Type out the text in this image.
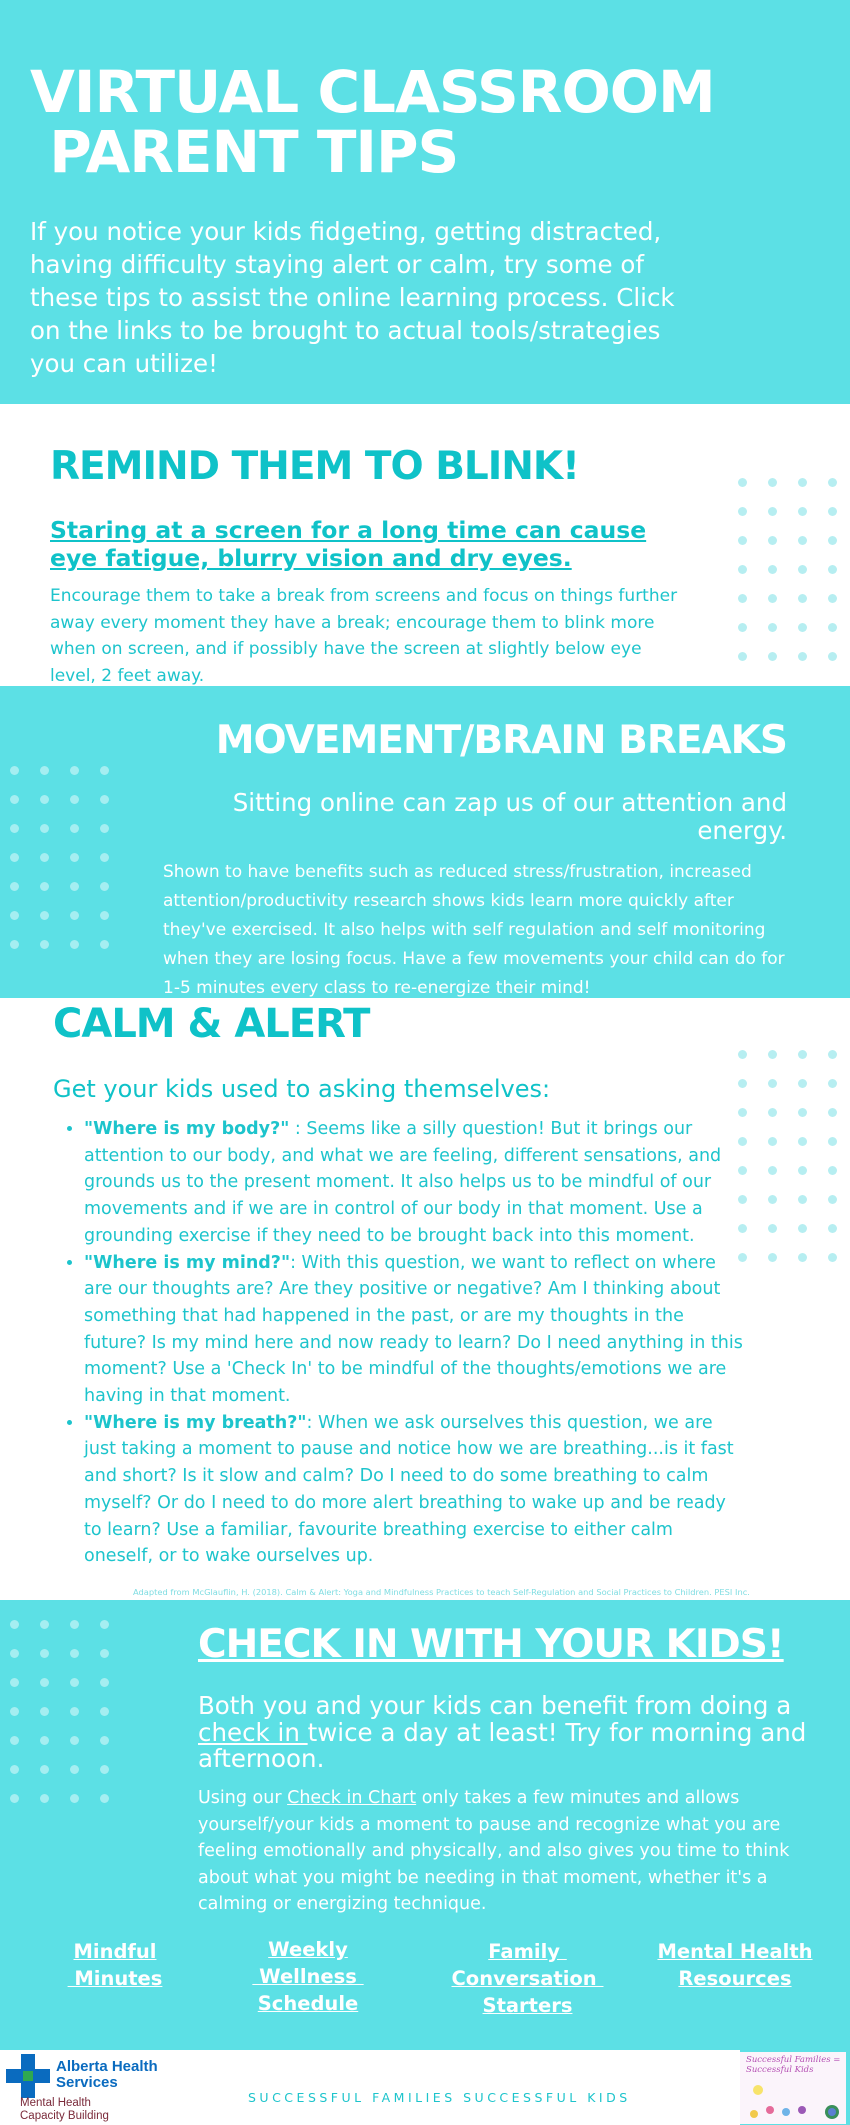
VIRTUAL CLASSROOM
PARENT TIPS
If you notice your kids fidgeting, getting distracted, having difficulty staying alert or calm, try some of these tips to assist the online learning process. Click on the links to be brought to actual tools/strategies you can utilize!
REMIND THEM TO BLINK!
Staring at a screen for a long time can cause eye fatigue, blurry vision and dry eyes.
Encourage them to take a break from screens and focus on things further away every moment they have a break; encourage them to blink more when on screen, and if possibly have the screen at slightly below eye level, 2 feet away.
MOVEMENT/BRAIN BREAKS
Sitting online can zap us of our attention and energy.
Shown to have benefits such as reduced stress/frustration, increased attention/productivity research shows kids learn more quickly after they've exercised. It also helps with self regulation and self monitoring when they are losing focus. Have a few movements your child can do for 1-5 minutes every class to re-energize their mind!
CALM & ALERT
Get your kids used to asking themselves:
• "Where is my body?" : Seems like a silly question! But it brings our attention to our body, and what we are feeling, different sensations, and grounds us to the present moment. It also helps us to be mindful of our movements and if we are in control of our body in that moment. Use a grounding exercise if they need to be brought back into this moment.
• "Where is my mind?": With this question, we want to reflect on where are our thoughts are? Are they positive or negative? Am I thinking about something that had happened in the past, or are my thoughts in the future? Is my mind here and now ready to learn? Do I need anything in this moment? Use a 'Check In' to be mindful of the thoughts/emotions we are having in that moment.
• "Where is my breath?": When we ask ourselves this question, we are just taking a moment to pause and notice how we are breathing...is it fast and short? Is it slow and calm? Do I need to do some breathing to calm myself? Or do I need to do more alert breathing to wake up and be ready to learn? Use a familiar, favourite breathing exercise to either calm oneself, or to wake ourselves up.
Adapted from McGlauflin, H. (2018). Calm & Alert: Yoga and Mindfulness Practices to teach Self-Regulation and Social Practices to Children. PESI Inc.
CHECK IN WITH YOUR KIDS!
Both you and your kids can benefit from doing a check in twice a day at least! Try for morning and afternoon.
Using our Check in Chart only takes a few minutes and allows yourself/your kids a moment to pause and recognize what you are feeling emotionally and physically, and also gives you time to think about what you might be needing in that moment, whether it's a calming or energizing technique.
Mindful
Minutes
Weekly
Wellness
Schedule
Family
Conversation
Starters
Mental Health
Resources
Alberta Health
Services
Mental Health
Capacity Building
SUCCESSFUL FAMILIES SUCCESSFUL KIDS
Successful Families = Successful Kids
